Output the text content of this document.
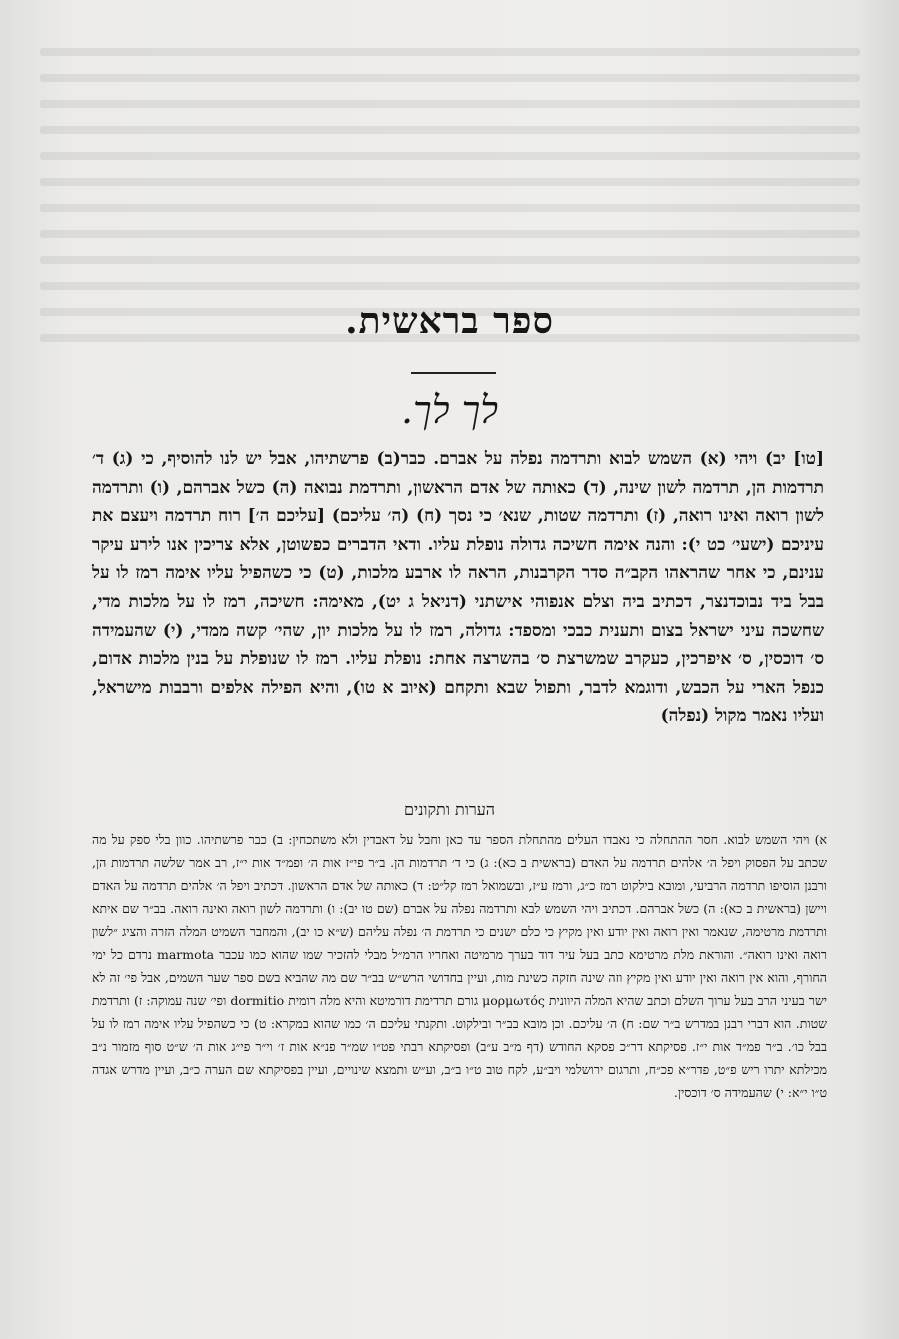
ספר בראשית.
לך לך.

[טו] יב) ויהי (א) השמש לבוא ותרדמה נפלה על אברם. כבר(ב) פרשתיהו, אבל יש לנו להוסיף, כי (ג) ד׳ תרדמות הן, תרדמה לשון שינה, (ד) כאותה של אדם הראשון, ותרדמת נבואה (ה) כשל אברהם, (ו) ותרדמה לשון רואה ואינו רואה, (ז) ותרדמה שטות, שנא׳ כי נסך (ח) (ה׳ עליכם) [עליכם ה׳] רוח תרדמה ויעצם את עיניכם (ישעי׳ כט י): והנה אימה חשיכה גדולה נופלת עליו. ודאי הדברים כפשוטן, אלא צריכין אנו לירע עיקר ענינם, כי אחר שהראהו הקב״ה סדר הקרבנות, הראה לו ארבע מלכות, (ט) כי כשהפיל עליו אימה רמז לו על בבל ביד נבוכדנצר, דכתיב ביה וצלם אנפוהי אישתני (דניאל ג יט), מאימה: חשיכה, רמז לו על מלכות מדי, שחשכה עיני ישראל בצום ותענית כבכי ומספד: גדולה, רמז לו על מלכות יון, שהי׳ קשה ממדי, (י) שהעמידה ס׳ דוכסין, ס׳ איפרכין, כעקרב שמשרצת ס׳ בהשרצה אחת: נופלת עליו. רמז לו שנופלת על בנין מלכות אדום, כנפל הארי על הכבש, ודוגמא לדבר, ותפול שבא ותקחם (איוב א טו), והיא הפילה אלפים ורבבות מישראל, ועליו נאמר מקול (נפלה)

הערות ותקונים

א) ויהי השמש לבוא. חסר ההתחלה כי נאבדו העלים מהתחלת הספר עד כאן וחבל על דאבדין ולא משתכחין: ב) כבר פרשתיהו. כוון בלי ספק על מה שכתב על הפסוק ויפל ה׳ אלהים תרדמה על האדם (בראשית ב כא): ג) כי ד׳ תרדמות הן. ב״ר פי״ז אות ה׳ ופמ״ד אות י״ז, רב אמר שלשה תרדמות הן, ורבנן הוסיפו תרדמה הרביעי, ומובא בילקוט רמז כ״ג, ורמז ע״ז, ובשמואל רמז קל״ט: ד) כאותה של אדם הראשון. דכתיב ויפל ה׳ אלהים תרדמה על האדם ויישן (בראשית ב כא): ה) כשל אברהם. דכתיב ויהי השמש לבא ותרדמה נפלה על אברם (שם טו יב): ו) ותרדמה לשון רואה ואינה רואה. בב״ר שם איתא ותרדמת מרטימה, שנאמר ואין רואה ואין יודע ואין מקיץ כי כלם ישנים כי תרדמת ה׳ נפלה עליהם (ש״א כו יב), והמחבר השמיט המלה הזרה והציג ״לשון רואה ואינו רואה״. והוראת מלת מרטימא כתב בעל עיר דוד בערך מרמיטה ואחריו הרמ״ל מבלי להזכיר שמו שהוא כמו עכבר marmota נרדם כל ימי החורף, והוא אין רואה ואין יודע ואין מקיץ וזה שינה חזקה כשינת מות, ועיין בחדושי הרש״ש בב״ר שם מה שהביא בשם ספר שער השמים, אבל פי׳ זה לא ישר בעיני הרב בעל ערוך השלם וכתב שהיא המלה היוונית μορμωτός גורם תרדימת דורמיטא והיא מלה רומית dormitio ופי׳ שנה עמוקה: ז) ותרדמת שטות. הוא דברי רבנן במדרש ב״ר שם: ח) ה׳ עליכם. וכן מובא בב״ר ובילקוט. ותקנתי עליכם ה׳ כמו שהוא במקרא: ט) כי כשהפיל עליו אימה רמז לו על בבל כו׳. ב״ר פמ״ד אות י״ז. פסיקתא דר״כ פסקא החודש (דף מ״ב ע״ב) ופסיקתא רבתי פט״ו שמ״ר פנ״א אות ז׳ וי״ר פי״ג אות ה׳ ש״ט סוף מזמור נ״ב מכילתא יתרו ריש פ״ט, פדר״א פכ״ח, ותרגום ירושלמי ויב״ע, לקח טוב ט״ו ב״ב, וע״ש ותמצא שינויים, ועיין בפסיקתא שם הערה כ״ב, ועיין מדרש אגדה ט״ו י״א: י) שהעמידה ס׳ דוכסין.
